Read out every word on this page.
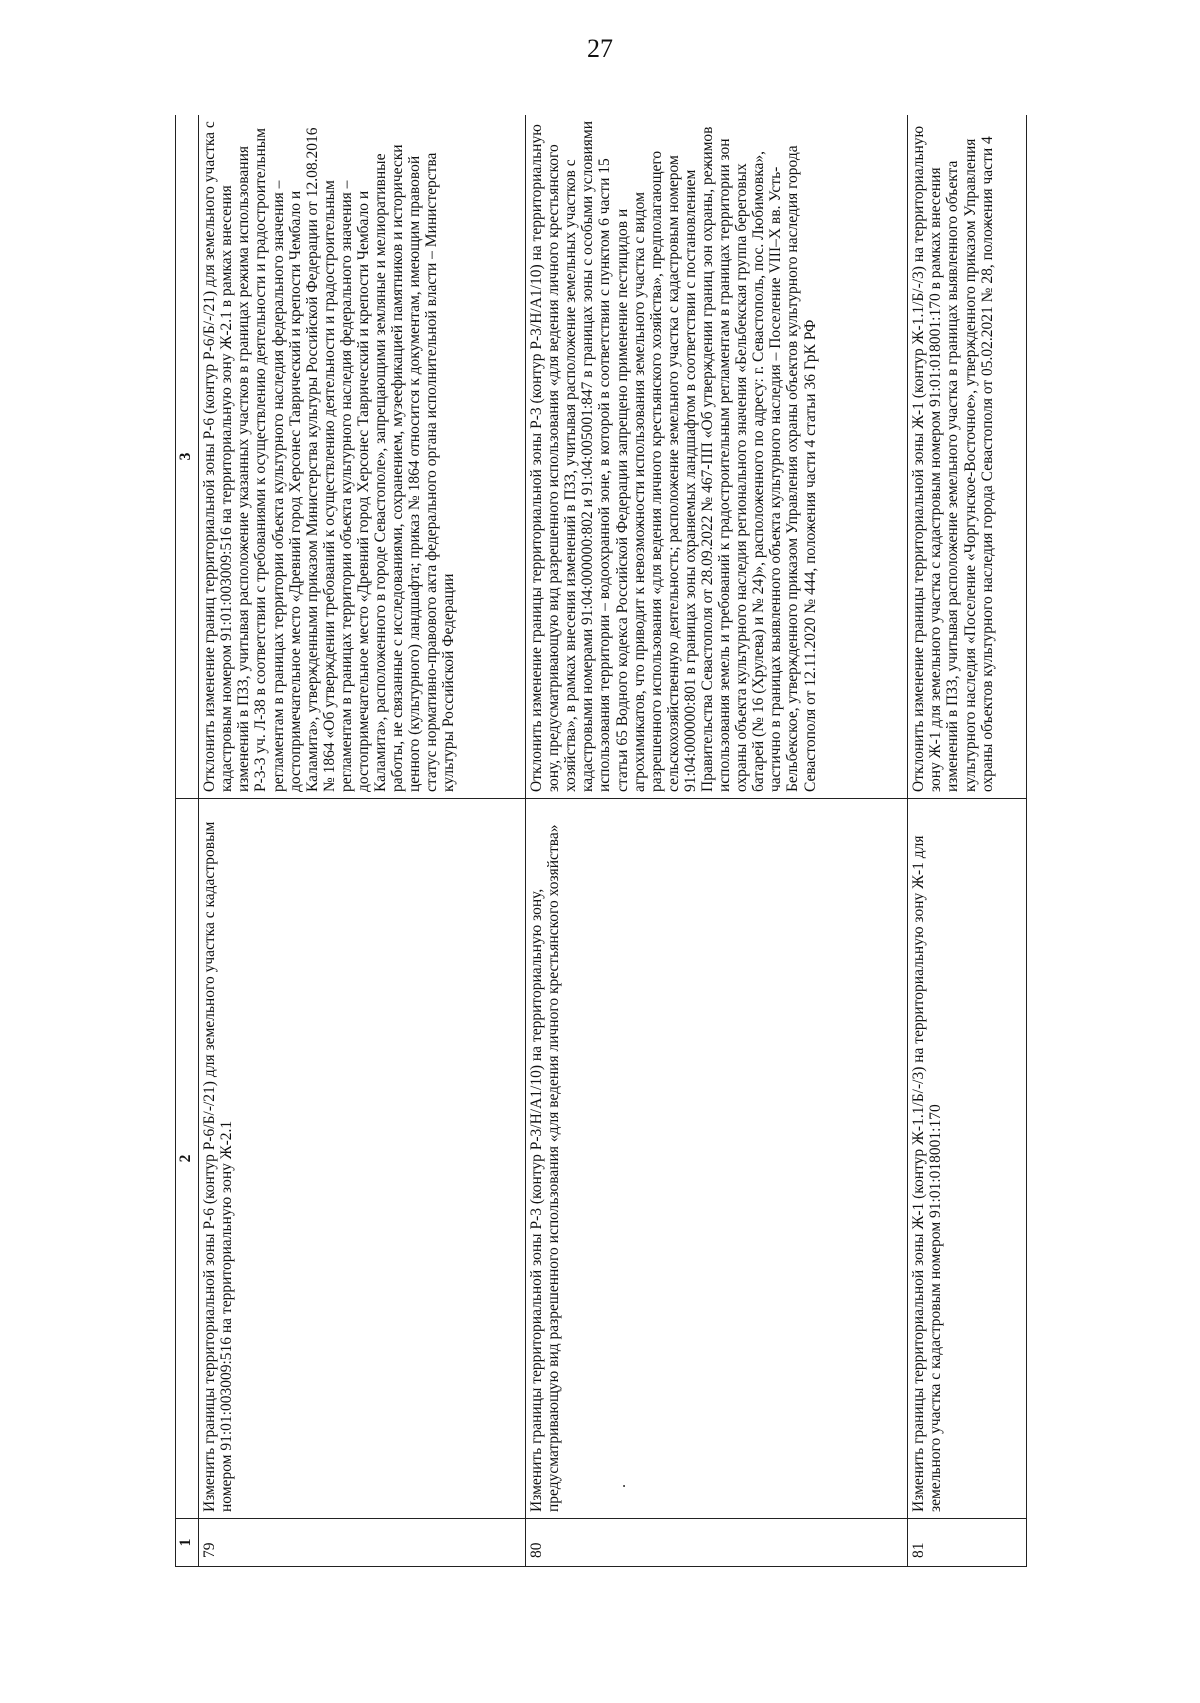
27
1	2	3
79	Изменить границы территориальной зоны Р-6 (контур Р-6/Б/-/21) для земельного участка с кадастровым номером 91:01:003009:516 на территориальную зону Ж-2.1	Отклонить изменение границ территориальной зоны Р-6 (контур Р-6/Б/-/21) для земельного участка с кадастровым номером 91:01:003009:516 на территориальную зону Ж-2.1 в рамках внесения изменений в ПЗЗ, учитывая расположение указанных участков в границах режима использования Р-3-3 уч. Л-38 в соответствии с требованиями к осуществлению деятельности и градостроительным регламентам в границах территории объекта культурного наследия федерального значения – достопримечательное место «Древний город Херсонес Таврический и крепости Чембало и Каламита», утвержденными приказом Министерства культуры Российской Федерации от 12.08.2016 № 1864 «Об утверждении требований к осуществлению деятельности и градостроительным регламентам в границах территории объекта культурного наследия федерального значения – достопримечательное место «Древний город Херсонес Таврический и крепости Чембало и Каламита», расположенного в городе Севастополе», запрещающими земляные и мелиоративные работы, не связанные с исследованиями, сохранением, музеефикацией памятников и исторически ценного (культурного) ландшафта; приказ № 1864 относится к документам, имеющим правовой статус нормативно-правового акта федерального органа исполнительной власти – Министерства культуры Российской Федерации
80	Изменить границы территориальной зоны Р-3 (контур Р-3/Н/А1/10) на территориальную зону, предусматривающую вид разрешенного использования «для ведения личного крестьянского хозяйства» .	Отклонить изменение границы территориальной зоны Р-3 (контур Р-3/Н/А1/10) на территориальную зону, предусматривающую вид разрешенного использования «для ведения личного крестьянского хозяйства», в рамках внесения изменений в ПЗЗ, учитывая расположение земельных участков с кадастровыми номерами 91:04:000000:802 и 91:04:005001:847 в границах зоны с особыми условиями использования территории – водоохранной зоне, в которой в соответствии с пунктом 6 части 15 статьи 65 Водного кодекса Российской Федерации запрещено применение пестицидов и агрохимикатов, что приводит к невозможности использования земельного участка с видом разрешенного использования «для ведения личного крестьянского хозяйства», предполагающего сельскохозяйственную деятельность; расположение земельного участка с кадастровым номером 91:04:000000:801 в границах зоны охраняемых ландшафтом в соответствии с постановлением Правительства Севастополя от 28.09.2022 № 467-ПП «Об утверждении границ зон охраны, режимов использования земель и требований к градостроительным регламентам в границах территории зон охраны объекта культурного наследия регионального значения «Бельбекская группа береговых батарей (№ 16 (Хрулева) и № 24)», расположенного по адресу: г. Севастополь, пос. Любимовка», частично в границах выявленного объекта культурного наследия – Поселение VIII–Х вв. Усть-Бельбекское, утвержденного приказом Управления охраны объектов культурного наследия города Севастополя от 12.11.2020 № 444, положения части 4 статьи 36 ГрК РФ
81	Изменить границы территориальной зоны Ж-1 (контур Ж-1.1/Б/-/3) на территориальную зону Ж-1 для земельного участка с кадастровым номером 91:01:018001:170	Отклонить изменение границы территориальной зоны Ж-1 (контур Ж-1.1/Б/-/3) на территориальную зону Ж-1 для земельного участка с кадастровым номером 91:01:018001:170 в рамках внесения изменений в ПЗЗ, учитывая расположение земельного участка в границах выявленного объекта культурного наследия «Поселение «Чоргунское-Восточное», утвержденного приказом Управления охраны объектов культурного наследия города Севастополя от 05.02.2021 № 28, положения части 4
